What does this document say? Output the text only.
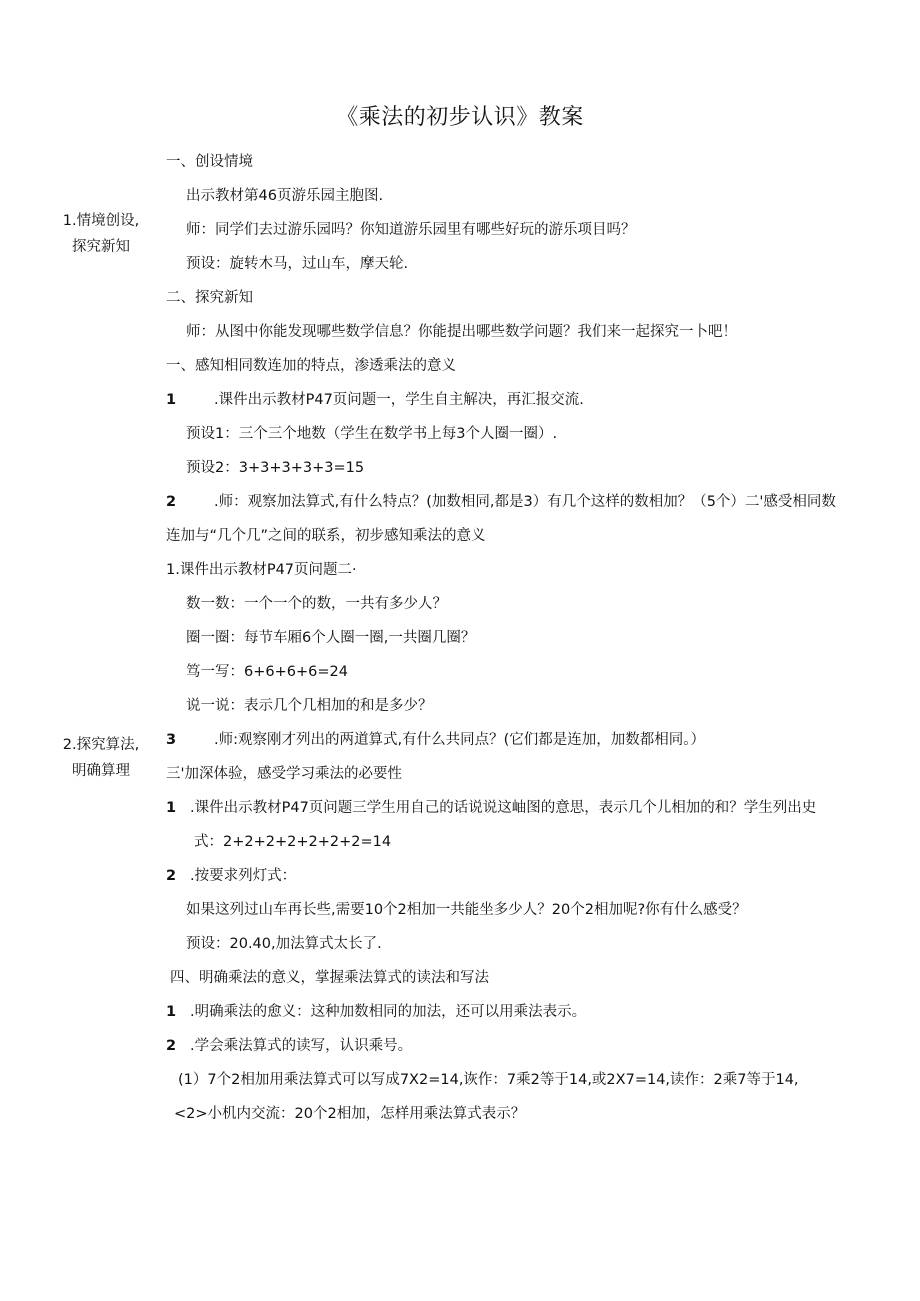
《乘法的初步认识》教案
1.情境创设,
探究新知
2.探究算法,
明确算理
一、创设情境
出示教材第46页游乐园主胞图.
师：同学们去过游乐园吗？你知道游乐园里有哪些好玩的游乐项目吗？
预设：旋转木马，过山车，摩天轮.
二、探究新知
师：从图中你能发现哪些数学信息？你能提出哪些数学问题？我们来一起探究一卜吧！
一、感知相同数连加的特点，渗透乘法的意义
1	.课件出示教材P47页问题一，学生自主解决，再汇报交流.
预设1：三个三个地数（学生在数学书上每3个人圈一圈）.
预设2：3+3+3+3+3=15
2	.师：观察加法算式,有什么特点？(加数相同,都是3）有几个这样的数相加？（5个）二'感受相同数
连加与“几个几”之间的联系，初步感知乘法的意义
1.课件出示教材P47页问题二·
数一数：一个一个的数，一共有多少人？
圈一圈：每节车厢6个人圈一圈,一共圈几圈？
笃一写：6+6+6+6=24
说一说：表示几个几相加的和是多少？
3	.师:观察刚才列出的两道算式,有什么共同点？(它们都是连加，加数都相同。）
三'加深体验，感受学习乘法的必要性
1 .课件出示教材P47页问题三学生用自己的话说说这岫图的意思，表示几个儿相加的和？学生列出史
式：2+2+2+2+2+2+2=14
2 .按要求列灯式：
如果这列过山车再长些,需要10个2相加一共能坐多少人？20个2相加呢?你有什么感受？
预设：20.40,加法算式太长了.
四、明确乘法的意义，掌握乘法算式的读法和写法
1 .明确乘法的愈义：这种加数相同的加法，还可以用乘法表示。
2 .学会乘法算式的读写，认识乘号。
(1）7个2相加用乘法算式可以写成7X2=14,诙作：7乘2等于14,或2X7=14,读作：2乘7等于14,
<2>小机内交流：20个2相加，怎样用乘法算式表示？
